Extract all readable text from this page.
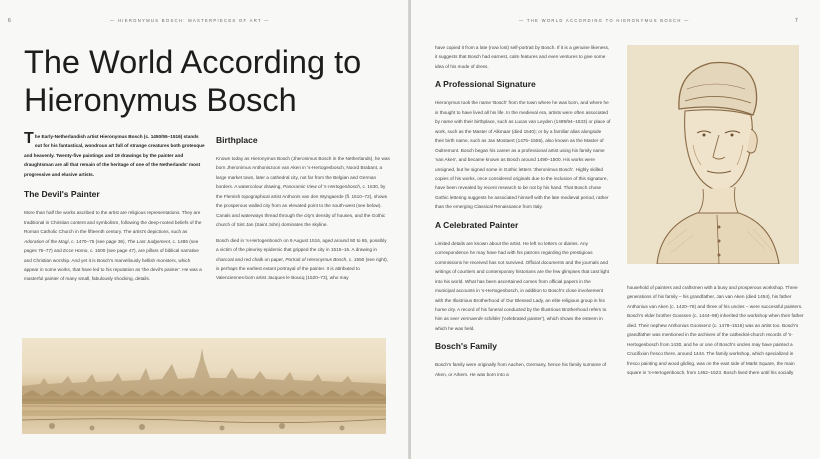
6	— HIERONYMUS BOSCH: MASTERPIECES OF ART —
The World According to Hieronymus Bosch

The Early-Netherlandish artist Hieronymus Bosch (c. 1450/55–1516) stands out for his fantastical, wondrous art full of strange creatures both grotesque and heavenly. Twenty-five paintings and 19 drawings by the painter and draughtsman are all that remain of the heritage of one of the Netherlands' most progressive and elusive artists.

The Devil's Painter

More than half the works ascribed to the artist are religious representations. They are traditional in Christian content and symbolism, following the deep-rooted beliefs of the Roman Catholic Church in the fifteenth century. The artist's depictions, such as Adoration of the Magi, c. 1470–75 (see page 36), The Last Judgement, c. 1486 (see pages 76–77) and Ecce Homo, c. 1500 (see page 47), are pillars of biblical narrative and Christian worship. And yet it is Bosch's marvellously hellish monsters, which appear in some works, that have led to his reputation as 'the devil's painter'. He was a masterful painter of many small, fabulously shocking, details.

Birthplace

Known today as Hieronymus Bosch (Jheronimus Bosch in the Netherlands), he was born Jheronimus Anthoniszoon van Aken in 's-Hertogenbosch, Noord Brabant, a large market town, later a cathedral city, not far from the Belgian and German borders. A watercolour drawing, Panoramic View of 's-Hertogenbosch, c. 1530, by the Flemish topographical artist Anthonis van den Wyngaerde (fl. 1510–72), shows the prosperous walled city from an elevated point to the south-west (see below). Canals and waterways thread through the city's density of houses, and the Gothic church of Sint Jan (Saint John) dominates the skyline.

Bosch died in 's-Hertogenbosch on 9 August 1516, aged around 60 to 65, possibly a victim of the pleurisy epidemic that gripped the city in 1515–16. A drawing in charcoal and red chalk on paper, Portrait of Hieronymus Bosch, c. 1550 (see right), is perhaps the earliest extant portrayal of the painter. It is attributed to Valenciennes-born artist Jacques le Boucq (1520–73), who may

— THE WORLD ACCORDING TO HIERONYMUS BOSCH —	7

have copied it from a late (now lost) self-portrait by Bosch. If it is a genuine likeness, it suggests that Bosch had earnest, calm features and even ventures to give some idea of his mode of dress.

A Professional Signature

Hieronymus took the name 'Bosch' from the town where he was born, and where he is thought to have lived all his life. In the medieval era, artists were often associated by name with their birthplace, such as Lucas van Leyden (1489/94–1533) or place of work, such as the Master of Alkmaar (died 1540); or by a familiar alias alongside their birth name, such as Jan Mostaert (1475–1555), also known as the Master of Oultremont. Bosch began his career as a professional artist using his family name 'van Aken', and became known as Bosch around 1490–1500. His works were unsigned, but he signed some in Gothic letters 'Jheronimus Bosch'. Highly skilled copies of his works, once considered originals due to the inclusion of this signature, have been revealed by recent research to be not by his hand. That Bosch chose Gothic lettering suggests he associated himself with the late medieval period, rather than the emerging Classical Renaissance from Italy.

A Celebrated Painter

Limited details are known about the artist. He left no letters or diaries. Any correspondence he may have had with his patrons regarding the prestigious commissions he received has not survived. Official documents and the journals and writings of courtiers and contemporary historians are the few glimpses that cast light into his world. What has been ascertained comes from official papers in the municipal accounts in 's-Hertogenbosch, in addition to Bosch's close involvement with the Illustrious Brotherhood of Our Blessed Lady, an elite religious group in his home city. A record of his funeral conducted by the Illustrious Brotherhood refers to him as seer vermaerde schilder ('celebrated painter'), which shows the esteem in which he was held.

Bosch's Family

Bosch's family were originally from Aachen, Germany, hence his family surname of Aken, or Arkem. He was born into a

household of painters and craftsmen with a busy and prosperous workshop. Three generations of his family – his grandfather, Jan van Aken (died 1454), his father Anthonius van Aken (c. 1420–78) and three of his uncles – were successful painters. Bosch's elder brother Goossen (c. 1444–98) inherited the workshop when their father died. Their nephew Anthonius Goossenz (c. 1478–1516) was an artist too. Bosch's grandfather was mentioned in the archives of the cathedral-church records of 's-Hertogenbosch from 1430, and he or one of Bosch's uncles may have painted a Crucifixion fresco there, around 1444. The family workshop, which specialized in fresco painting and wood gilding, was on the east side of Markt Square, the main square in 's-Hertogenbosch, from 1462–1523. Bosch lived there until his socially
